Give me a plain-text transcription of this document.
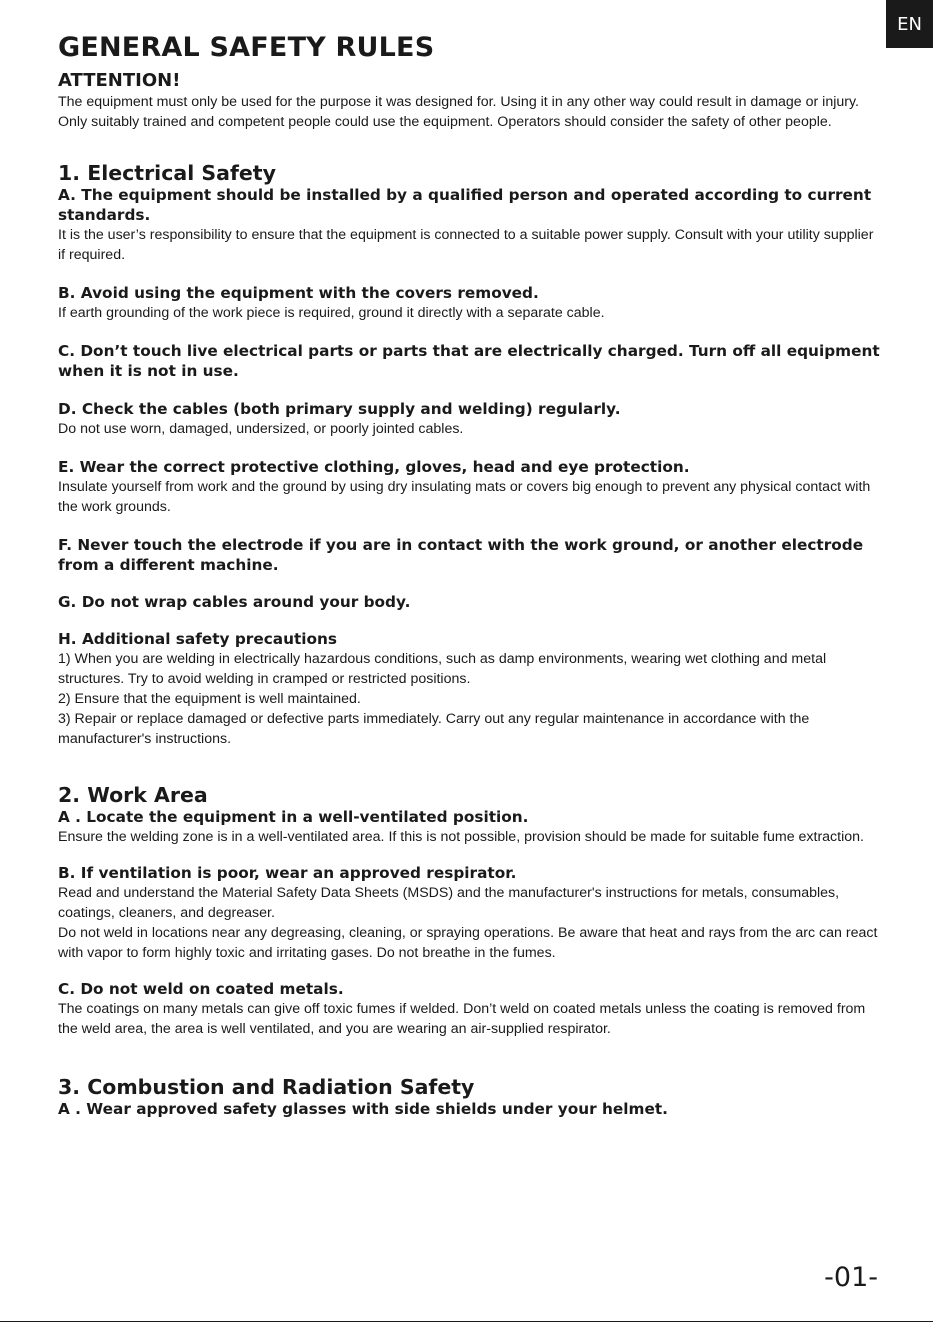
EN
GENERAL SAFETY RULES
ATTENTION!

The equipment must only be used for the purpose it was designed for. Using it in any other way could result in damage or injury. Only suitably trained and competent people could use the equipment. Operators should consider the safety of other people.

1. Electrical Safety
A. The equipment should be installed by a qualified person and operated according to current standards.

It is the user’s responsibility to ensure that the equipment is connected to a suitable power supply. Consult with your utility supplier if required.

B. Avoid using the equipment with the covers removed.

If earth grounding of the work piece is required, ground it directly with a separate cable.

C. Don’t touch live electrical parts or parts that are electrically charged. Turn off all equipment when it is not in use.
D. Check the cables (both primary supply and welding) regularly.

Do not use worn, damaged, undersized, or poorly jointed cables.

E. Wear the correct protective clothing, gloves, head and eye protection.

Insulate yourself from work and the ground by using dry insulating mats or covers big enough to prevent any physical contact with the work grounds.

F. Never touch the electrode if you are in contact with the work ground, or another electrode from a different machine.
G. Do not wrap cables around your body.
H. Additional safety precautions

1) When you are welding in electrically hazardous conditions, such as damp environments, wearing wet clothing and metal structures. Try to avoid welding in cramped or restricted positions.

2) Ensure that the equipment is well maintained.

3) Repair or replace damaged or defective parts immediately. Carry out any regular maintenance in accordance with the manufacturer's instructions.

2. Work Area
A . Locate the equipment in a well-ventilated position.

Ensure the welding zone is in a well-ventilated area. If this is not possible, provision should be made for suitable fume extraction.

B. If ventilation is poor, wear an approved respirator.

Read and understand the Material Safety Data Sheets (MSDS) and the manufacturer's instructions for metals, consumables, coatings, cleaners, and degreaser.

Do not weld in locations near any degreasing, cleaning, or spraying operations. Be aware that heat and rays from the arc can react with vapor to form highly toxic and irritating gases. Do not breathe in the fumes.

C. Do not weld on coated metals.

The coatings on many metals can give off toxic fumes if welded. Don’t weld on coated metals unless the coating is removed from the weld area, the area is well ventilated, and you are wearing an air-supplied respirator.

3. Combustion and Radiation Safety
A . Wear approved safety glasses with side shields under your helmet.
-01-
